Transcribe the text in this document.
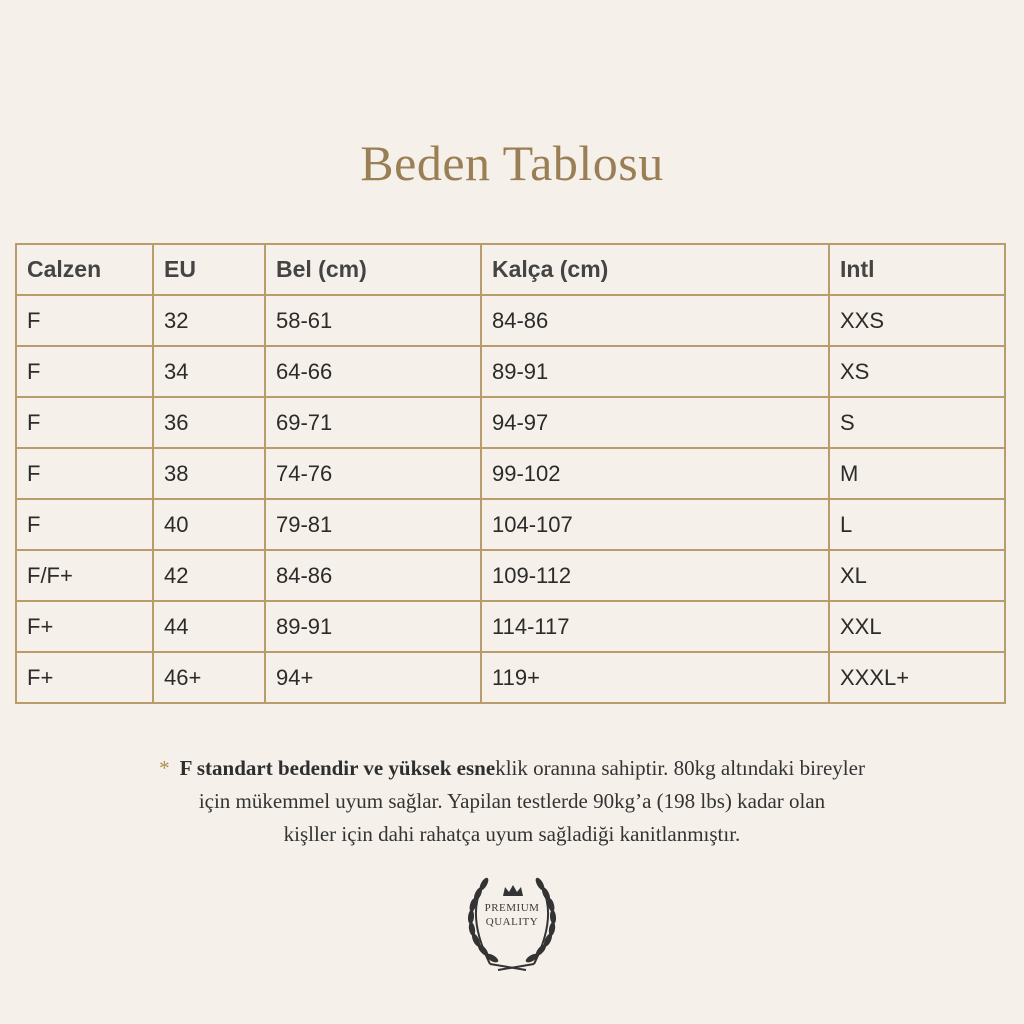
Beden Tablosu
Calzen	EU	Bel (cm)	Kalça (cm)	Intl
F	32	58-61	84-86	XXS
F	34	64-66	89-91	XS
F	36	69-71	94-97	S
F	38	74-76	99-102	M
F	40	79-81	104-107	L
F/F+	42	84-86	109-112	XL
F+	44	89-91	114-117	XXL
F+	46+	94+	119+	XXXL+
* F standart bedendir ve yüksek esneklik oranına sahiptir. 80kg altındaki bireyler
için mükemmel uyum sağlar. Yapilan testlerde 90kg’a (198 lbs) kadar olan
kişller için dahi rahatça uyum sağladiği kanitlanmıştır.
PREMIUM
QUALITY
